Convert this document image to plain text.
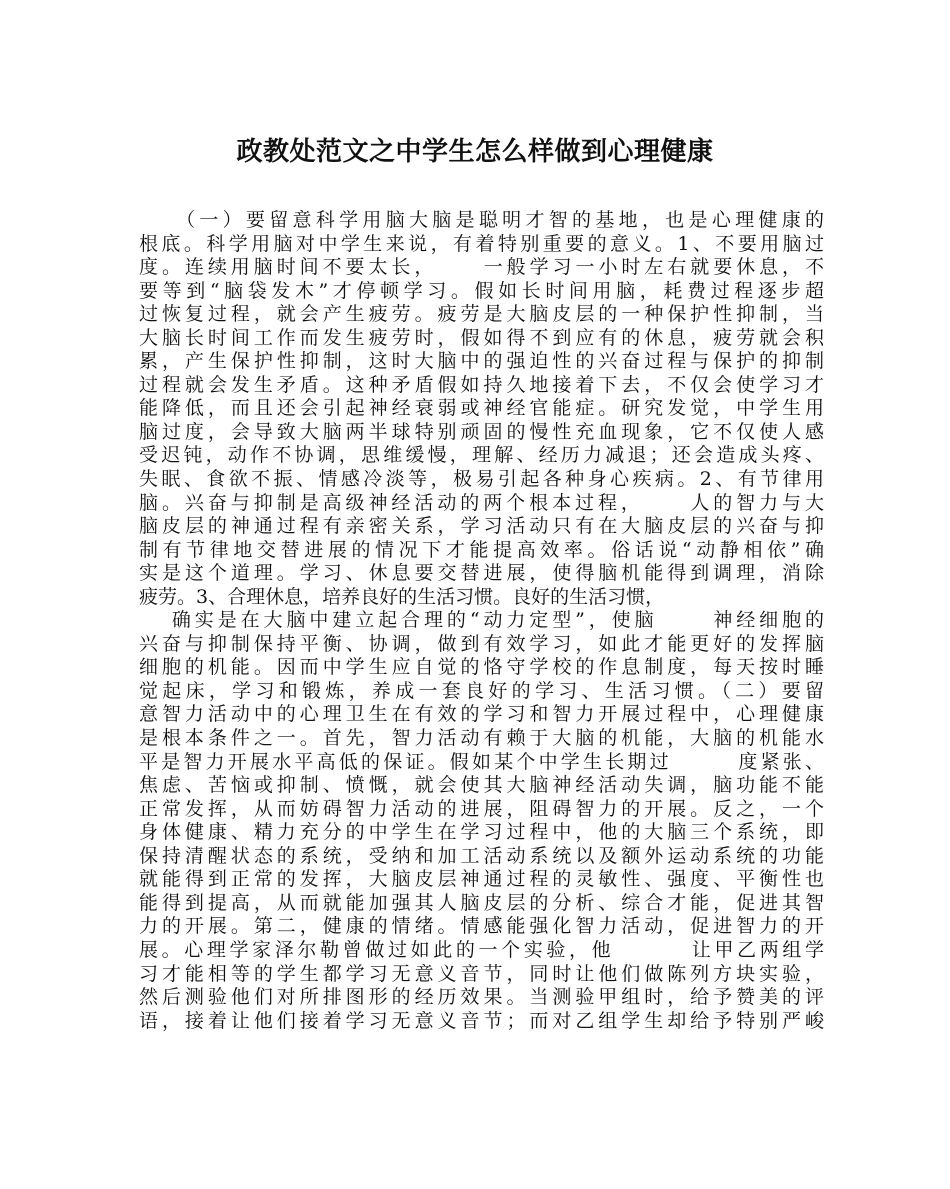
政教处范文之中学生怎么样做到心理健康
　　（一）要留意科学用脑大脑是聪明才智的基地，也是心理健康的
根底。科学用脑对中学生来说，有着特别重要的意义。1、不要用脑过
度。连续用脑时间不要太长，　　 一般学习一小时左右就要休息，不
要等到“脑袋发木”才停顿学习。假如长时间用脑，耗费过程逐步超
过恢复过程，就会产生疲劳。疲劳是大脑皮层的一种保护性抑制，当
大脑长时间工作而发生疲劳时，假如得不到应有的休息，疲劳就会积
累，产生保护性抑制，这时大脑中的强迫性的兴奋过程与保护的抑制
过程就会发生矛盾。这种矛盾假如持久地接着下去，不仅会使学习才
能降低，而且还会引起神经衰弱或神经官能症。研究发觉，中学生用
脑过度，会导致大脑两半球特别顽固的慢性充血现象，它不仅使人感
受迟钝，动作不协调，思维缓慢，理解、经历力减退；还会造成头疼、
失眠、食欲不振、情感冷淡等，极易引起各种身心疾病。2、有节律用
脑。兴奋与抑制是高级神经活动的两个根本过程，　　 人的智力与大
脑皮层的神通过程有亲密关系，学习活动只有在大脑皮层的兴奋与抑
制有节律地交替进展的情况下才能提高效率。俗话说“动静相依”确
实是这个道理。学习、休息要交替进展，使得脑机能得到调理，消除
疲劳。3、合理休息，培养良好的生活习惯。良好的生活习惯，
　 确实是在大脑中建立起合理的“动力定型”，使脑　　 神经细胞的
兴奋与抑制保持平衡、协调，做到有效学习，如此才能更好的发挥脑
细胞的机能。因而中学生应自觉的恪守学校的作息制度，每天按时睡
觉起床，学习和锻炼，养成一套良好的学习、生活习惯。（二）要留
意智力活动中的心理卫生在有效的学习和智力开展过程中，心理健康
是根本条件之一。首先，智力活动有赖于大脑的机能，大脑的机能水
平是智力开展水平高低的保证。假如某个中学生长期过　　　度紧张、
焦虑、苦恼或抑制、愤慨，就会使其大脑神经活动失调，脑功能不能
正常发挥，从而妨碍智力活动的进展，阻碍智力的开展。反之，一个
身体健康、精力充分的中学生在学习过程中，他的大脑三个系统，即
保持清醒状态的系统，受纳和加工活动系统以及额外运动系统的功能
就能得到正常的发挥，大脑皮层神通过程的灵敏性、强度、平衡性也
能得到提高，从而就能加强其人脑皮层的分析、综合才能，促进其智
力的开展。第二，健康的情绪。情感能强化智力活动，促进智力的开
展。心理学家泽尔勒曾做过如此的一个实验，他　　　 让甲乙两组学
习才能相等的学生都学习无意义音节，同时让他们做陈列方块实验，
然后测验他们对所排图形的经历效果。当测验甲组时，给予赞美的评
语，接着让他们接着学习无意义音节；而对乙组学生却给予特别严峻
